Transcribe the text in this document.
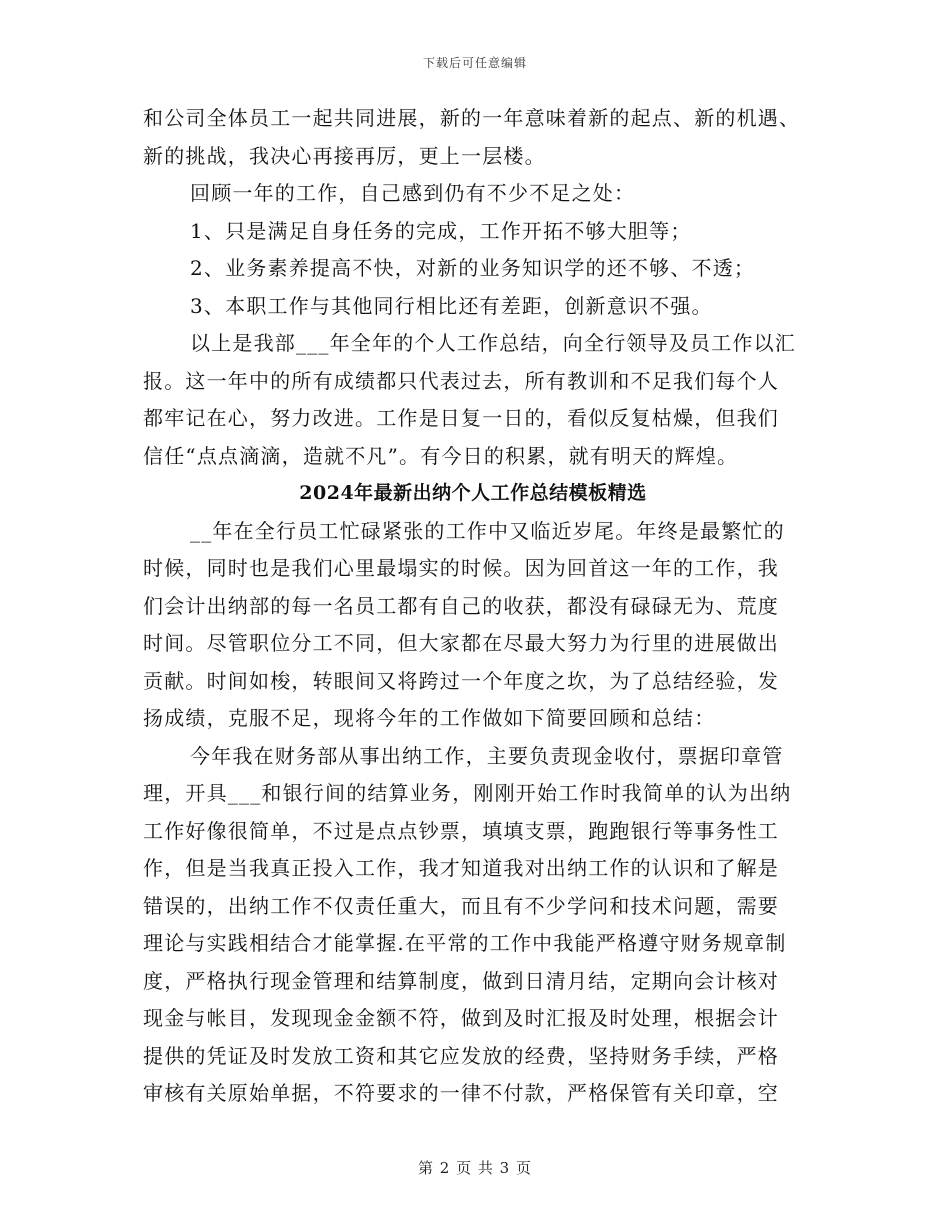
下载后可任意编辑
和公司全体员工一起共同进展，新的一年意味着新的起点、新的机遇、
新的挑战，我决心再接再厉，更上一层楼。
回顾一年的工作，自己感到仍有不少不足之处：
1、只是满足自身任务的完成，工作开拓不够大胆等；
2、业务素养提高不快，对新的业务知识学的还不够、不透；
3、本职工作与其他同行相比还有差距，创新意识不强。
以上是我部___年全年的个人工作总结，向全行领导及员工作以汇
报。这一年中的所有成绩都只代表过去，所有教训和不足我们每个人
都牢记在心，努力改进。工作是日复一日的，看似反复枯燥，但我们
信任“点点滴滴，造就不凡”。有今日的积累，就有明天的辉煌。
2024年最新出纳个人工作总结模板精选
__年在全行员工忙碌紧张的工作中又临近岁尾。年终是最繁忙的
时候，同时也是我们心里最塌实的时候。因为回首这一年的工作，我
们会计出纳部的每一名员工都有自己的收获，都没有碌碌无为、荒度
时间。尽管职位分工不同，但大家都在尽最大努力为行里的进展做出
贡献。时间如梭，转眼间又将跨过一个年度之坎，为了总结经验，发
扬成绩，克服不足，现将今年的工作做如下简要回顾和总结：
今年我在财务部从事出纳工作，主要负责现金收付，票据印章管
理，开具___和银行间的结算业务，刚刚开始工作时我简单的认为出纳
工作好像很简单，不过是点点钞票，填填支票，跑跑银行等事务性工
作，但是当我真正投入工作，我才知道我对出纳工作的认识和了解是
错误的，出纳工作不仅责任重大，而且有不少学问和技术问题，需要
理论与实践相结合才能掌握.在平常的工作中我能严格遵守财务规章制
度，严格执行现金管理和结算制度，做到日清月结，定期向会计核对
现金与帐目，发现现金金额不符，做到及时汇报及时处理，根据会计
提供的凭证及时发放工资和其它应发放的经费，坚持财务手续，严格
审核有关原始单据，不符要求的一律不付款，严格保管有关印章，空
第 2 页 共 3 页
